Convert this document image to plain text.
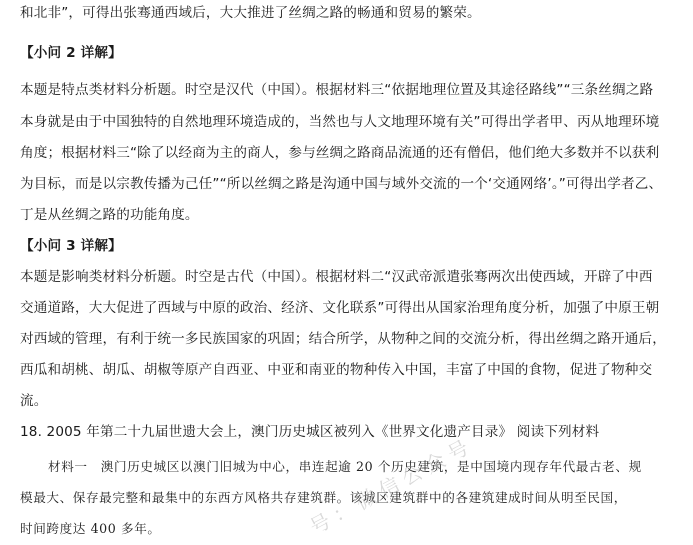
和北非”，可得出张骞通西域后，大大推进了丝绸之路的畅通和贸易的繁荣。
【小问 2 详解】
本题是特点类材料分析题。时空是汉代（中国）。根据材料三“依据地理位置及其途径路线”“三条丝绸之路
本身就是由于中国独特的自然地理环境造成的，当然也与人文地理环境有关”可得出学者甲、丙从地理环境
角度；根据材料三“除了以经商为主的商人，参与丝绸之路商品流通的还有僧侣，他们绝大多数并不以获利
为目标，而是以宗教传播为己任”“所以丝绸之路是沟通中国与域外交流的一个‘交通网络’。”可得出学者乙、
丁是从丝绸之路的功能角度。
【小问 3 详解】
本题是影响类材料分析题。时空是古代（中国）。根据材料二“汉武帝派遣张骞两次出使西域，开辟了中西
交通道路，大大促进了西域与中原的政治、经济、文化联系”可得出从国家治理角度分析，加强了中原王朝
对西域的管理，有利于统一多民族国家的巩固；结合所学，从物种之间的交流分析，得出丝绸之路开通后，
西瓜和胡桃、胡瓜、胡椒等原产自西亚、中亚和南亚的物种传入中国，丰富了中国的食物，促进了物种交
流。
18. 2005 年第二十九届世遗大会上，澳门历史城区被列入《世界文化遗产目录》 阅读下列材料
材料一　澳门历史城区以澳门旧城为中心，串连起逾 20 个历史建筑，是中国境内现存年代最古老、规
模最大、保存最完整和最集中的东西方风格共存建筑群。该城区建筑群中的各建筑建成时间从明至民国，
时间跨度达 400 多年。	号：微信公众号
